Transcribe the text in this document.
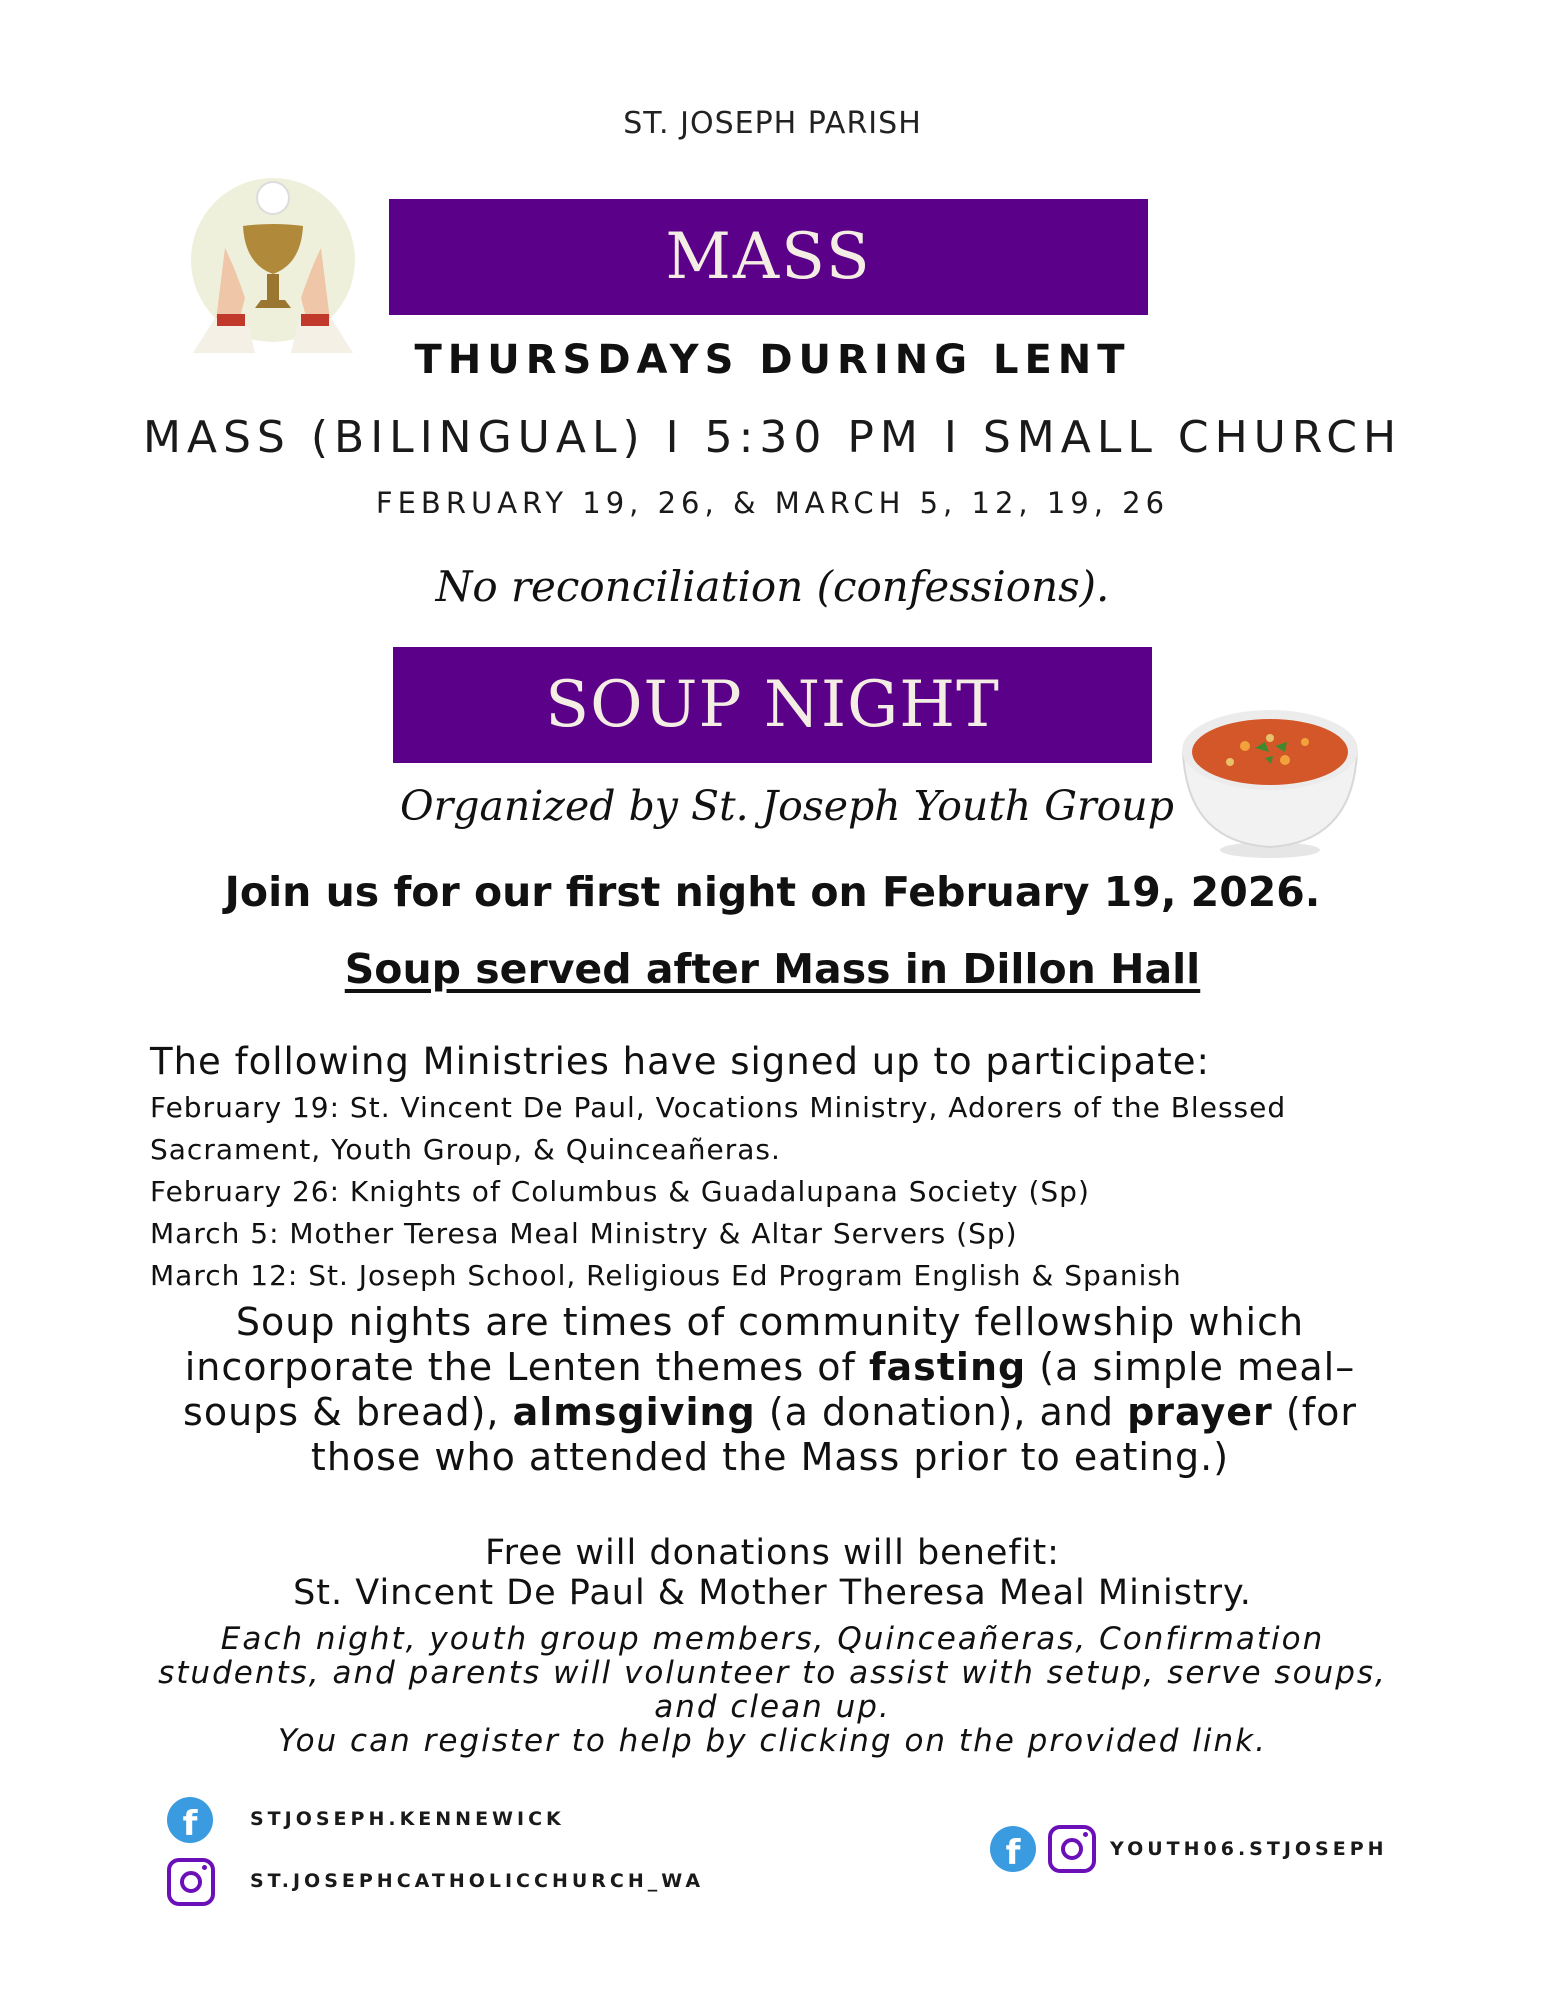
ST. JOSEPH PARISH
MASS
THURSDAYS DURING LENT
MASS (BILINGUAL) I 5:30 PM I SMALL CHURCH
FEBRUARY 19, 26, & MARCH 5, 12, 19, 26
No reconciliation (confessions).
SOUP NIGHT
Organized by St. Joseph Youth Group
Join us for our first night on February 19, 2026.
Soup served after Mass in Dillon Hall
The following Ministries have signed up to participate:
February 19: St. Vincent De Paul, Vocations Ministry, Adorers of the Blessed
Sacrament, Youth Group, & Quinceañeras.
February 26: Knights of Columbus & Guadalupana Society (Sp)
March 5: Mother Teresa Meal Ministry & Altar Servers (Sp)
March 12: St. Joseph School, Religious Ed Program English & Spanish
Soup nights are times of community fellowship which incorporate the Lenten themes of fasting (a simple meal– soups & bread), almsgiving (a donation), and prayer (for those who attended the Mass prior to eating.)
Free will donations will benefit:
St. Vincent De Paul & Mother Theresa Meal Ministry.
Each night, youth group members, Quinceañeras, Confirmation students, and parents will volunteer to assist with setup, serve soups, and clean up.
You can register to help by clicking on the provided link.
f	STJOSEPH.KENNEWICK
ST.JOSEPHCATHOLICCHURCH_WA
f	YOUTH06.STJOSEPH
